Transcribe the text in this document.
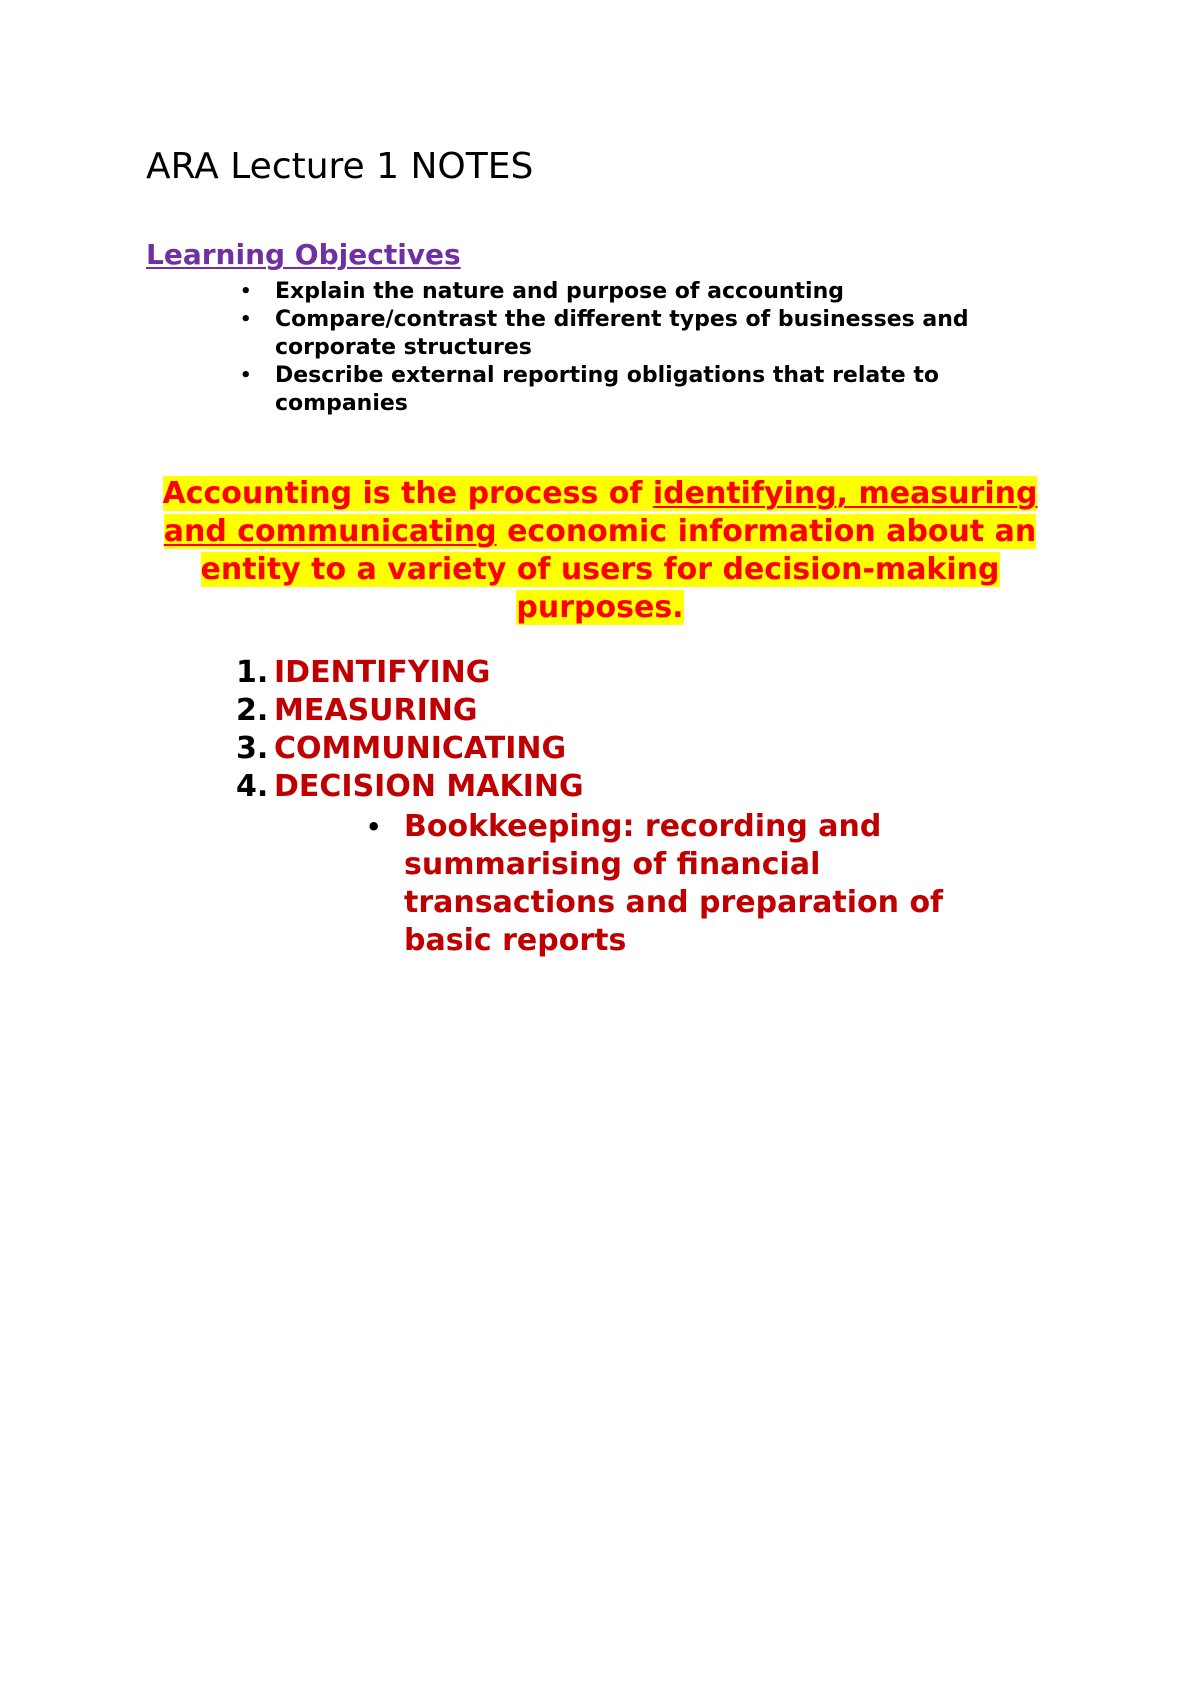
ARA Lecture 1 NOTES
Learning Objectives
• Explain the nature and purpose of accounting
• Compare/contrast the different types of businesses and corporate structures
• Describe external reporting obligations that relate to companies

Accounting is the process of identifying, measuring and communicating economic information about an entity to a variety of users for decision-making purposes.

1. IDENTIFYING
2. MEASURING
3. COMMUNICATING
4. DECISION MAKING
• Bookkeeping: recording and summarising of financial transactions and preparation of basic reports
